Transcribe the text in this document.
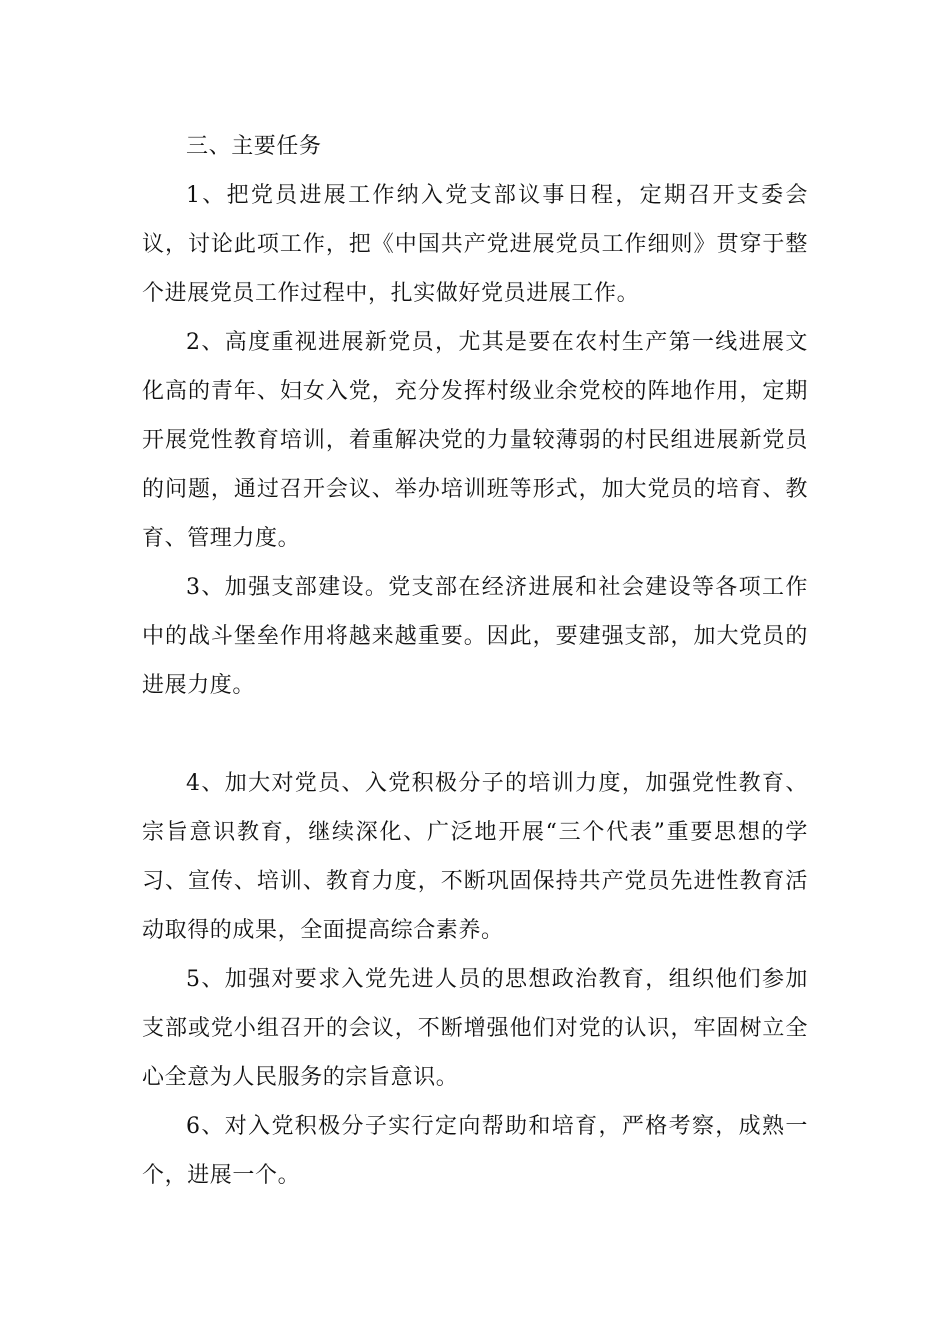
三、主要任务

1、把党员进展工作纳入党支部议事日程，定期召开支委会议，讨论此项工作，把《中国共产党进展党员工作细则》贯穿于整个进展党员工作过程中，扎实做好党员进展工作。

2、高度重视进展新党员，尤其是要在农村生产第一线进展文化高的青年、妇女入党，充分发挥村级业余党校的阵地作用，定期开展党性教育培训，着重解决党的力量较薄弱的村民组进展新党员的问题，通过召开会议、举办培训班等形式，加大党员的培育、教育、管理力度。

3、加强支部建设。党支部在经济进展和社会建设等各项工作中的战斗堡垒作用将越来越重要。因此，要建强支部，加大党员的进展力度。

4、加大对党员、入党积极分子的培训力度，加强党性教育、宗旨意识教育，继续深化、广泛地开展“三个代表”重要思想的学习、宣传、培训、教育力度，不断巩固保持共产党员先进性教育活动取得的成果，全面提高综合素养。

5、加强对要求入党先进人员的思想政治教育，组织他们参加支部或党小组召开的会议，不断增强他们对党的认识，牢固树立全心全意为人民服务的宗旨意识。

6、对入党积极分子实行定向帮助和培育，严格考察，成熟一个，进展一个。
